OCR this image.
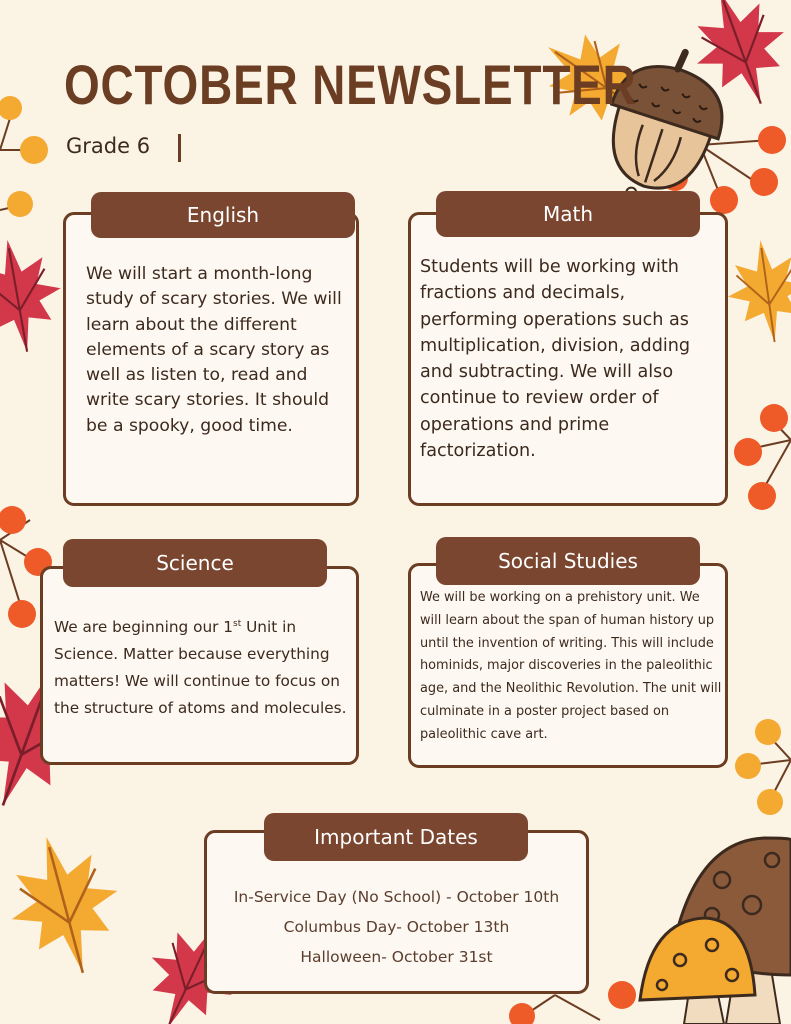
OCTOBER NEWSLETTER
Grade 6
English
We will start a month-long
study of scary stories. We will
learn about the different
elements of a scary story as
well as listen to, read and
write scary stories. It should
be a spooky, good time.
Math
Students will be working with
fractions and decimals,
performing operations such as
multiplication, division, adding
and subtracting. We will also
continue to review order of
operations and prime
factorization.
Science
We are beginning our 1st Unit in
Science. Matter because everything
matters! We will continue to focus on
the structure of atoms and molecules.
Social Studies
We will be working on a prehistory unit. We
will learn about the span of human history up
until the invention of writing. This will include
hominids, major discoveries in the paleolithic
age, and the Neolithic Revolution. The unit will
culminate in a poster project based on
paleolithic cave art.
Important Dates
In-Service Day (No School) - October 10th
Columbus Day- October 13th
Halloween- October 31st
